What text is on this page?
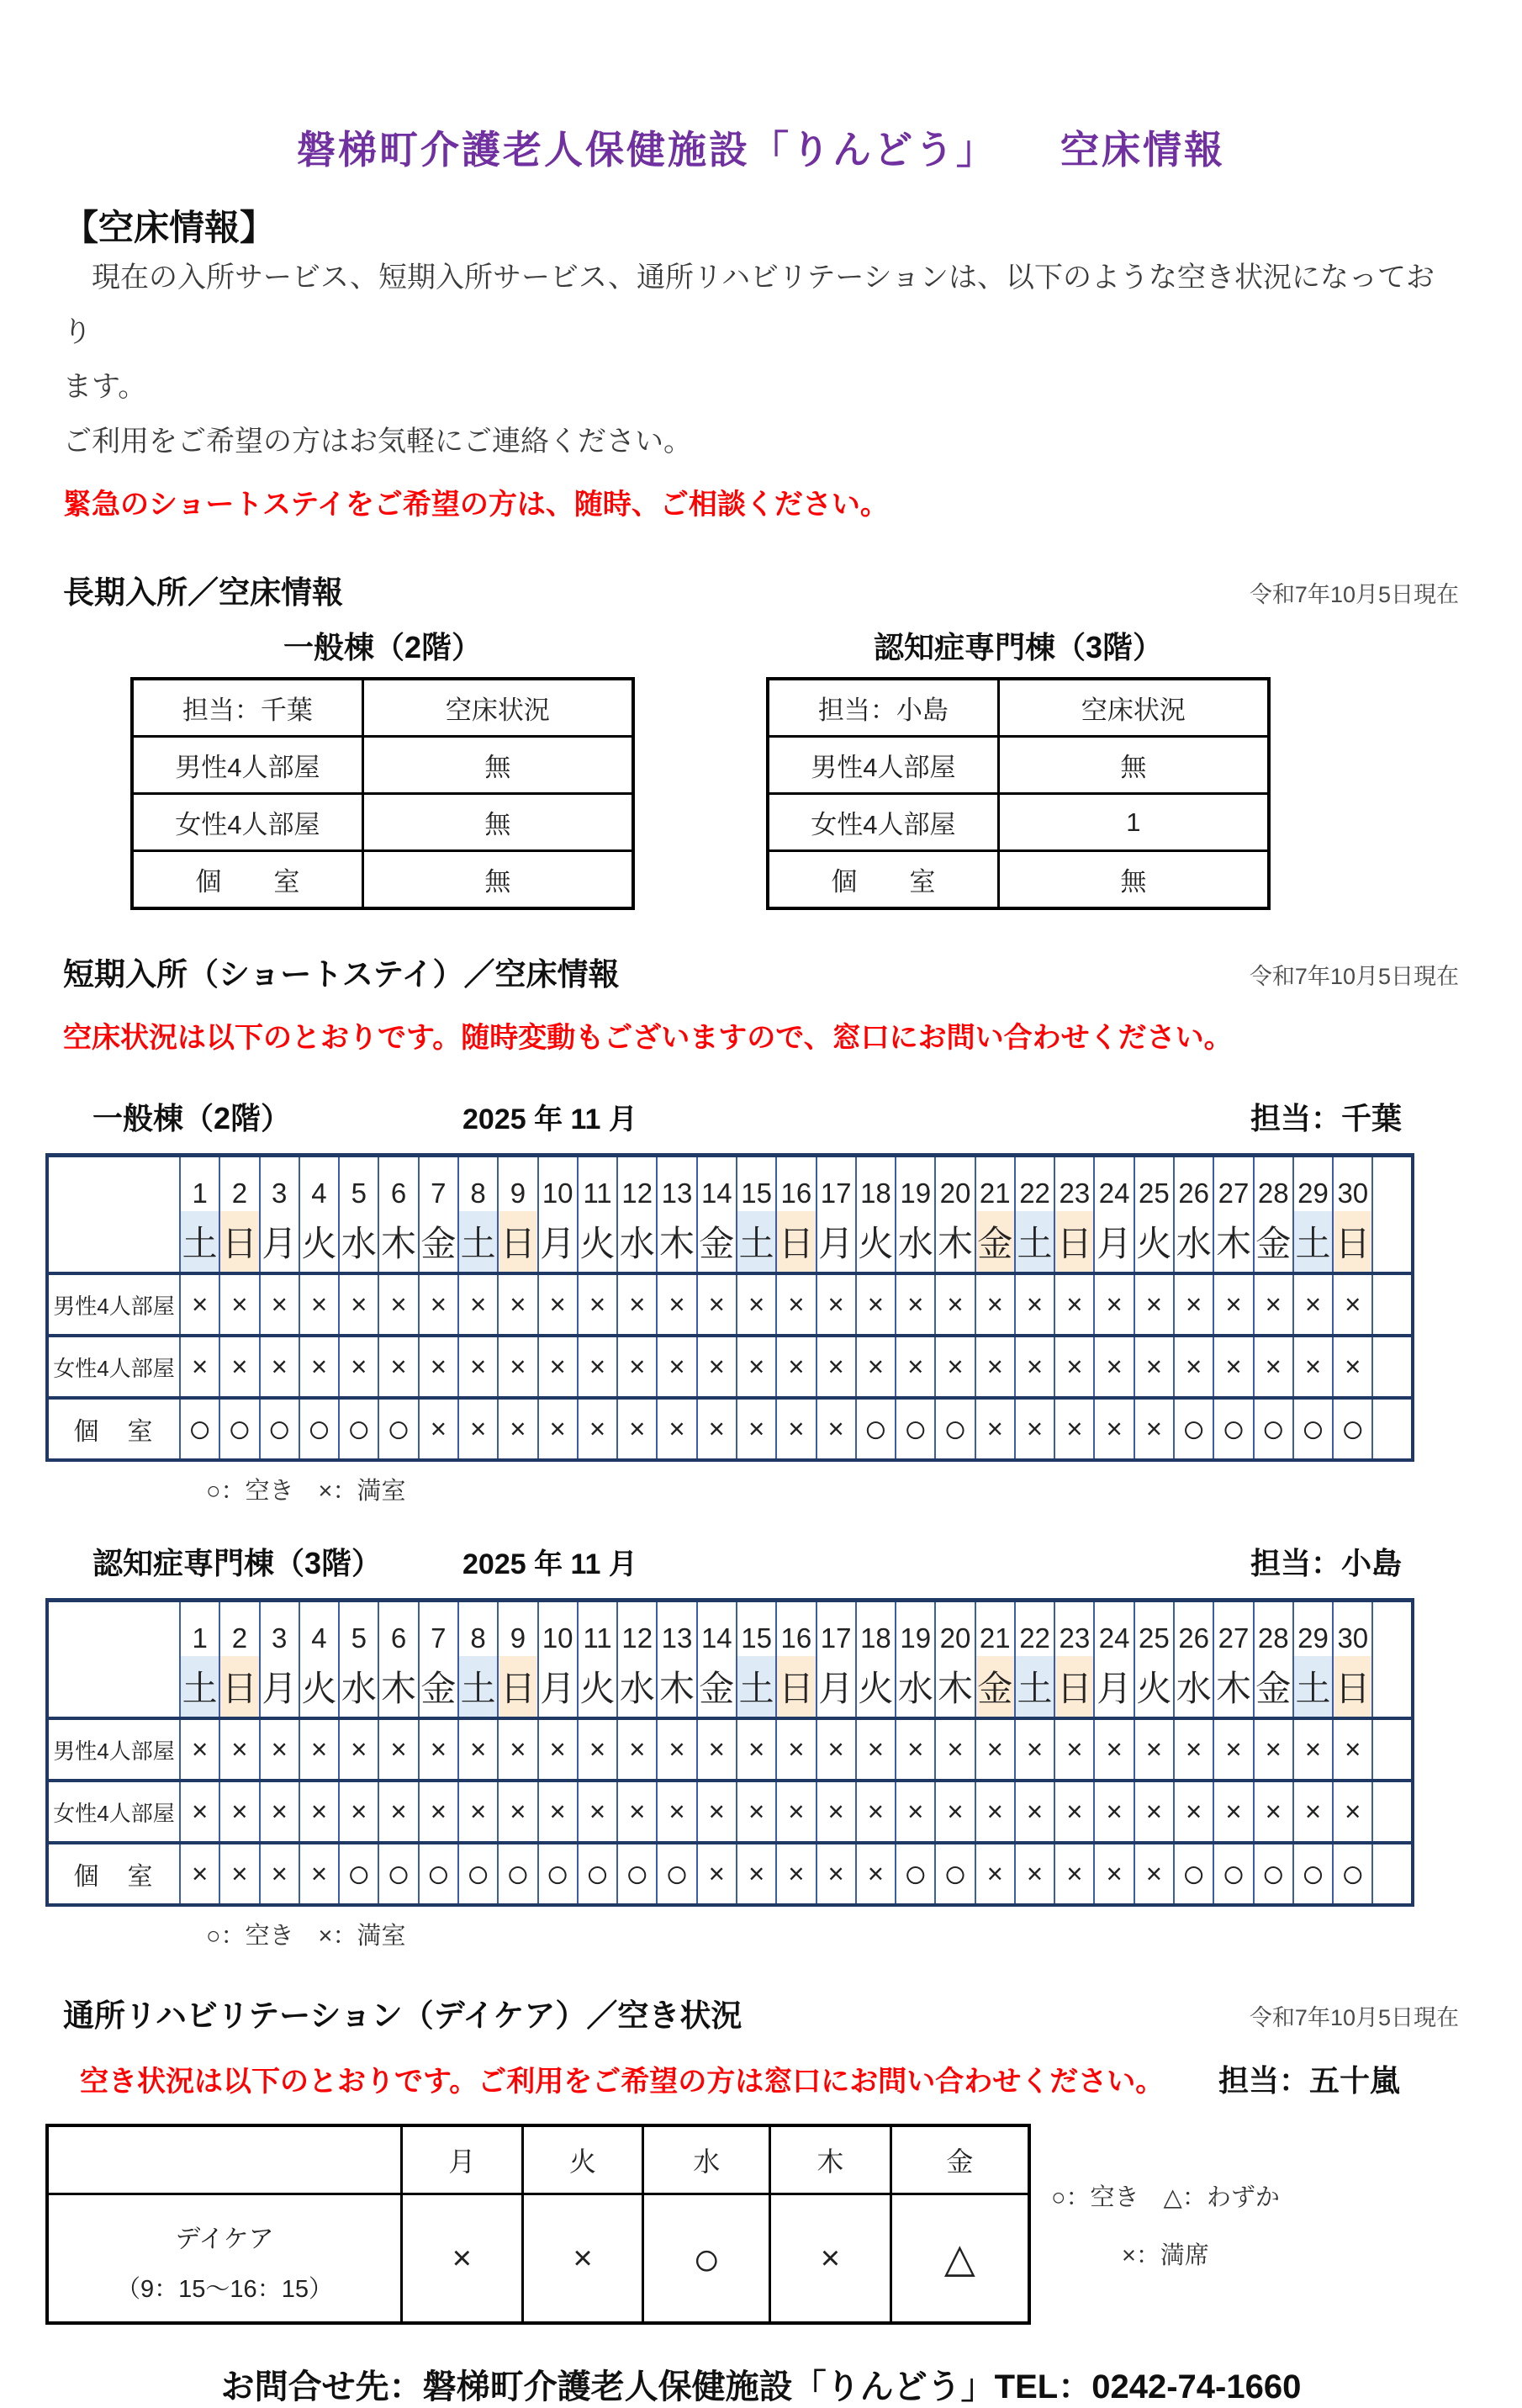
磐梯町介護老人保健施設「りんどう」　　空床情報
【空床情報】
　現在の入所サービス、短期入所サービス、通所リハビリテーションは、以下のような空き状況になっており
ます。
ご利用をご希望の方はお気軽にご連絡ください。
緊急のショートステイをご希望の方は、随時、ご相談ください。
長期入所／空床情報	令和7年10月5日現在
一般棟（2階）
担当：千葉	空床状況
男性4人部屋	無
女性4人部屋	無
個　　室	無
認知症専門棟（3階）
担当：小島	空床状況
男性4人部屋	無
女性4人部屋	1
個　　室	無
短期入所（ショートステイ）／空床情報	令和7年10月5日現在
空床状況は以下のとおりです。随時変動もございますので、窓口にお問い合わせください。
一般棟（2階）	2025 年 11 月	担当：千葉
	1	2	3	4	5	6	7	8	9	10	11	12	13	14	15	16	17	18	19	20	21	22	23	24	25	26	27	28	29	30	
	土	日	月	火	水	木	金	土	日	月	火	水	木	金	土	日	月	火	水	木	金	土	日	月	火	水	木	金	土	日	
男性4人部屋	×	×	×	×	×	×	×	×	×	×	×	×	×	×	×	×	×	×	×	×	×	×	×	×	×	×	×	×	×	×	
女性4人部屋	×	×	×	×	×	×	×	×	×	×	×	×	×	×	×	×	×	×	×	×	×	×	×	×	×	×	×	×	×	×	
個　室	○	○	○	○	○	○	×	×	×	×	×	×	×	×	×	×	×	○	○	○	×	×	×	×	×	○	○	○	○	○	
○：空き　×：満室
認知症専門棟（3階）	2025 年 11 月	担当：小島
	1	2	3	4	5	6	7	8	9	10	11	12	13	14	15	16	17	18	19	20	21	22	23	24	25	26	27	28	29	30	
	土	日	月	火	水	木	金	土	日	月	火	水	木	金	土	日	月	火	水	木	金	土	日	月	火	水	木	金	土	日	
男性4人部屋	×	×	×	×	×	×	×	×	×	×	×	×	×	×	×	×	×	×	×	×	×	×	×	×	×	×	×	×	×	×	
女性4人部屋	×	×	×	×	×	×	×	×	×	×	×	×	×	×	×	×	×	×	×	×	×	×	×	×	×	×	×	×	×	×	
個　室	×	×	×	×	○	○	○	○	○	○	○	○	○	×	×	×	×	×	○	○	×	×	×	×	×	○	○	○	○	○	
○：空き　×：満室
通所リハビリテーション（デイケア）／空き状況	令和7年10月5日現在
空き状況は以下のとおりです。ご利用をご希望の方は窓口にお問い合わせください。 担当：五十嵐
	月	火	水	木	金

デイケア
（9：15～16：15）	×	×	○	×	△
○：空き　△：わずか
×：満席
お問合せ先：磐梯町介護老人保健施設「りんどう」TEL：0242-74-1660
